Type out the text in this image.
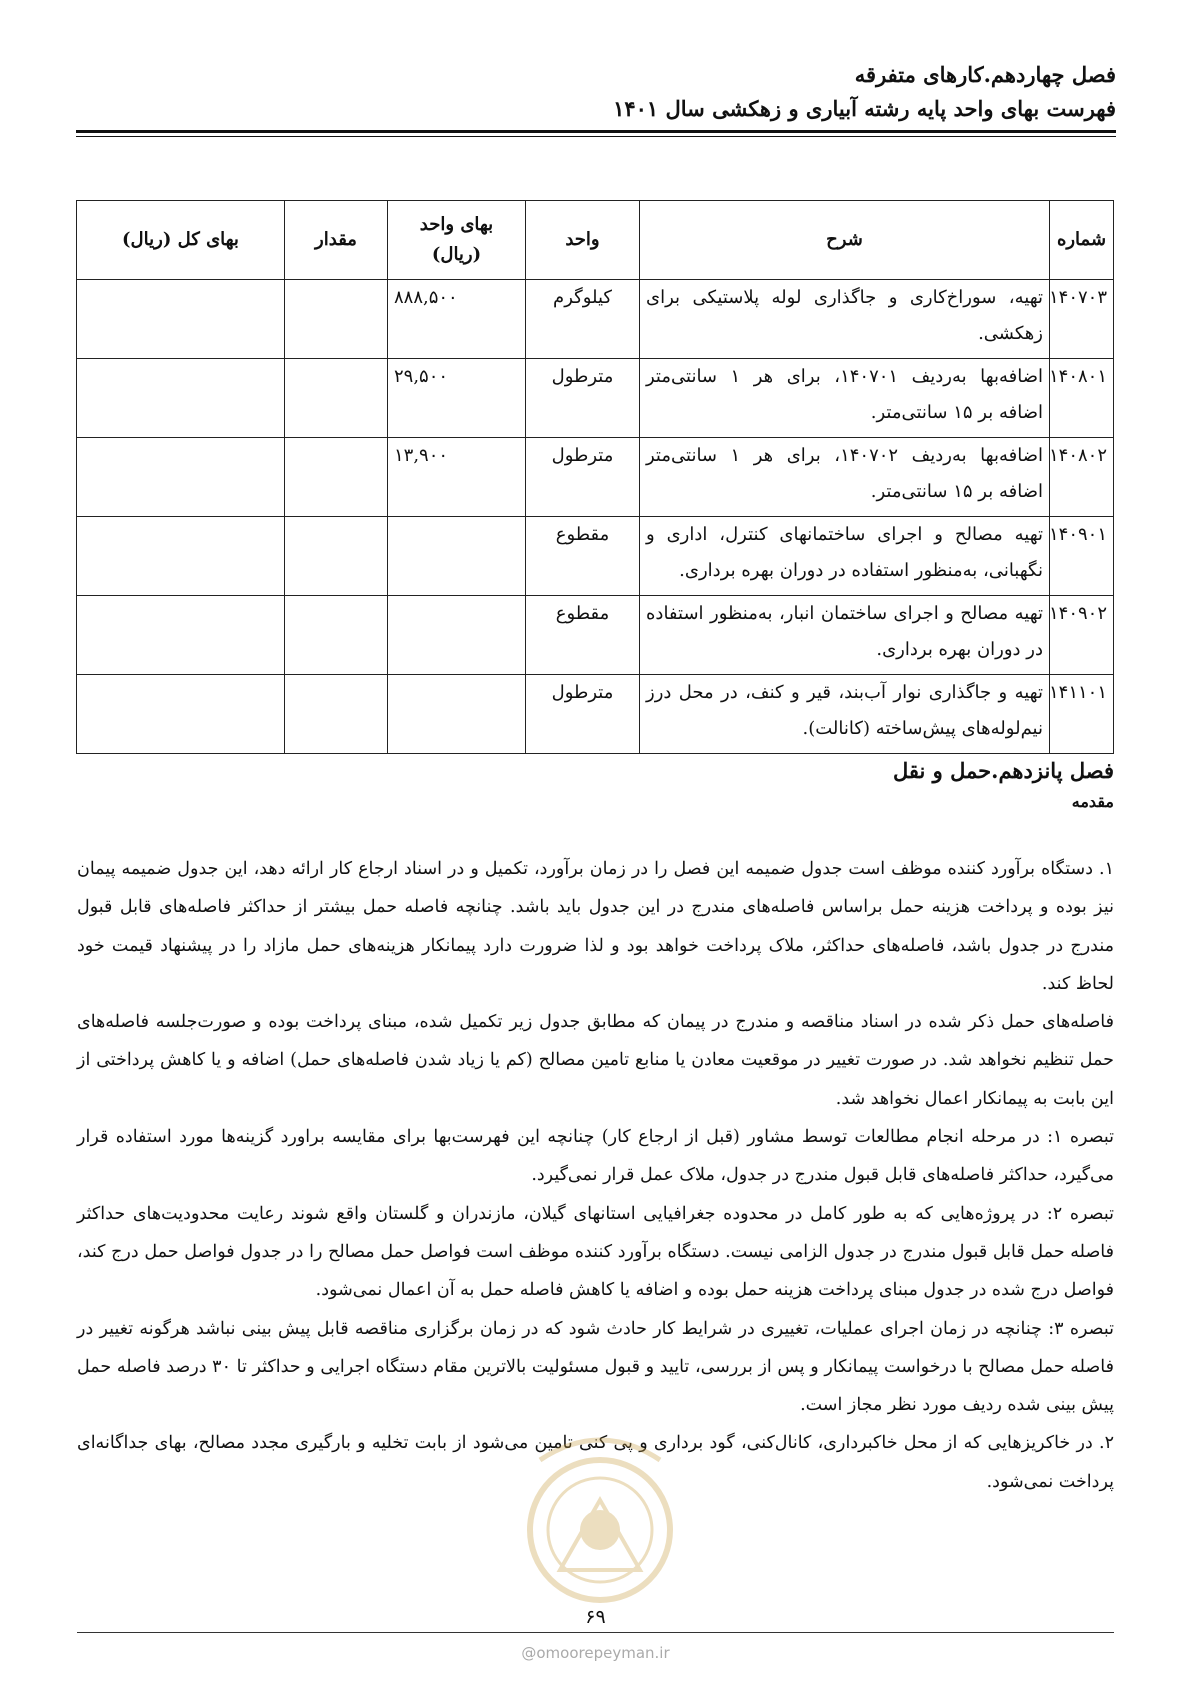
فصل چهاردهم.کارهای متفرقه
فهرست بهای واحد پایه رشته آبیاری و زهکشی سال ۱۴۰۱
شماره	شرح	واحد	بهای واحد (ریال)	مقدار	بهای کل (ریال)
۱۴۰۷۰۳	تهیه، سوراخ‌کاری و جاگذاری لوله پلاستیکی برای زهکشی.	کیلوگرم	۸۸۸,۵۰۰		
۱۴۰۸۰۱	اضافه‌بها به‌ردیف ۱۴۰۷۰۱، برای هر ۱ سانتی‌متر اضافه بر ۱۵ سانتی‌متر.	مترطول	۲۹,۵۰۰		
۱۴۰۸۰۲	اضافه‌بها به‌ردیف ۱۴۰۷۰۲، برای هر ۱ سانتی‌متر اضافه بر ۱۵ سانتی‌متر.	مترطول	۱۳,۹۰۰		
۱۴۰۹۰۱	تهیه مصالح و اجرای ساختمانهای کنترل، اداری و نگهبانی، به‌منظور استفاده در دوران بهره برداری.	مقطوع			
۱۴۰۹۰۲	تهیه مصالح و اجرای ساختمان انبار، به‌منظور استفاده در دوران بهره برداری.	مقطوع			
۱۴۱۱۰۱	تهیه و جاگذاری نوار آب‌بند، قیر و کنف، در محل درز نیم‌لوله‌های پیش‌ساخته (کانالت).	مترطول			
فصل پانزدهم.حمل و نقل
مقدمه

۱. دستگاه برآورد کننده موظف است جدول ضمیمه این فصل را در زمان برآورد، تکمیل و در اسناد ارجاع کار ارائه دهد، این جدول ضمیمه پیمان نیز بوده و پرداخت هزینه حمل براساس فاصله‌های مندرج در این جدول باید باشد. چنانچه فاصله حمل بیشتر از حداکثر فاصله‌های قابل قبول مندرج در جدول باشد، فاصله‌های حداکثر، ملاک پرداخت خواهد بود و لذا ضرورت دارد پیمانکار هزینه‌های حمل مازاد را در پیشنهاد قیمت خود لحاظ کند.

فاصله‌های حمل ذکر شده در اسناد مناقصه و مندرج در پیمان که مطابق جدول زیر تکمیل شده، مبنای پرداخت بوده و صورت‌جلسه فاصله‌های حمل تنظیم نخواهد شد. در صورت تغییر در موقعیت معادن یا منابع تامین مصالح (کم یا زیاد شدن فاصله‌های حمل) اضافه و یا کاهش پرداختی از این بابت به پیمانکار اعمال نخواهد شد.

تبصره ۱: در مرحله انجام مطالعات توسط مشاور (قبل از ارجاع کار) چنانچه این فهرست‌بها برای مقایسه براورد گزینه‌ها مورد استفاده قرار می‌گیرد، حداکثر فاصله‌های قابل قبول مندرج در جدول، ملاک عمل قرار نمی‌گیرد.

تبصره ۲: در پروژه‌هایی که به طور کامل در محدوده جغرافیایی استانهای گیلان، مازندران و گلستان واقع شوند رعایت محدودیت‌های حداکثر فاصله حمل قابل قبول مندرج در جدول الزامی نیست. دستگاه برآورد کننده موظف است فواصل حمل مصالح را در جدول فواصل حمل درج کند، فواصل درج شده در جدول مبنای پرداخت هزینه حمل بوده و اضافه یا کاهش فاصله حمل به آن اعمال نمی‌شود.

تبصره ۳: چنانچه در زمان اجرای عملیات، تغییری در شرایط کار حادث شود که در زمان برگزاری مناقصه قابل پیش بینی نباشد هرگونه تغییر در فاصله حمل مصالح با درخواست پیمانکار و پس از بررسی، تایید و قبول مسئولیت بالاترین مقام دستگاه اجرایی و حداکثر تا ۳۰ درصد فاصله حمل پیش بینی شده ردیف مورد نظر مجاز است.

۲. در خاکریزهایی که از محل خاکبرداری، کانال‌کنی، گود برداری و پی کنی تامین می‌شود از بابت تخلیه و بارگیری مجدد مصالح، بهای جداگانه‌ای پرداخت نمی‌شود.

۶۹
@omoorepeyman.ir
